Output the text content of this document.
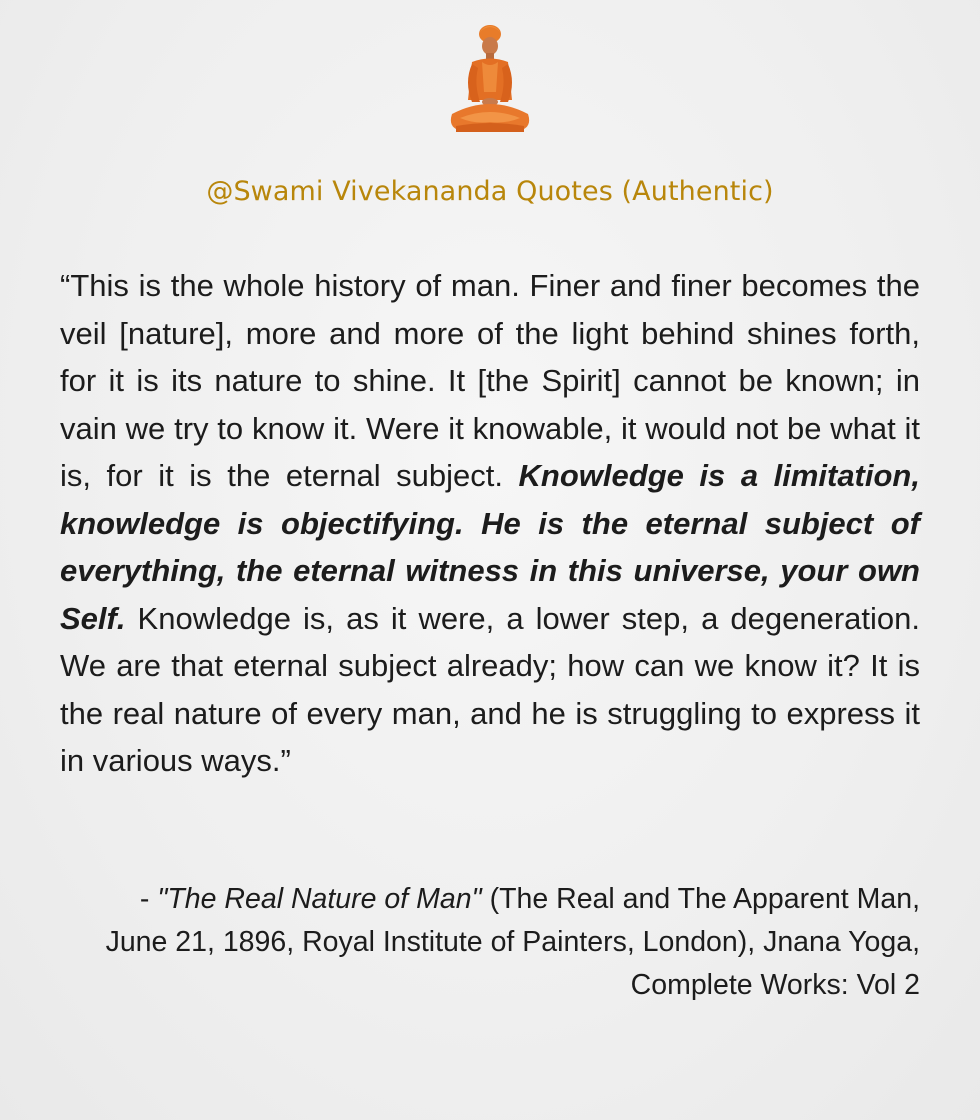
@Swami Vivekananda Quotes (Authentic)

“This is the whole history of man. Finer and finer becomes the veil [nature], more and more of the light behind shines forth, for it is its nature to shine. It [the Spirit] cannot be known; in vain we try to know it. Were it knowable, it would not be what it is, for it is the eternal subject. Knowledge is a limitation, knowledge is objectifying. He is the eternal subject of everything, the eternal witness in this universe, your own Self. Knowledge is, as it were, a lower step, a degeneration. We are that eternal subject already; how can we know it? It is the real nature of every man, and he is struggling to express it in various ways.”

- "The Real Nature of Man" (The Real and The Apparent Man, June 21, 1896, Royal Institute of Painters, London), Jnana Yoga, Complete Works: Vol 2
